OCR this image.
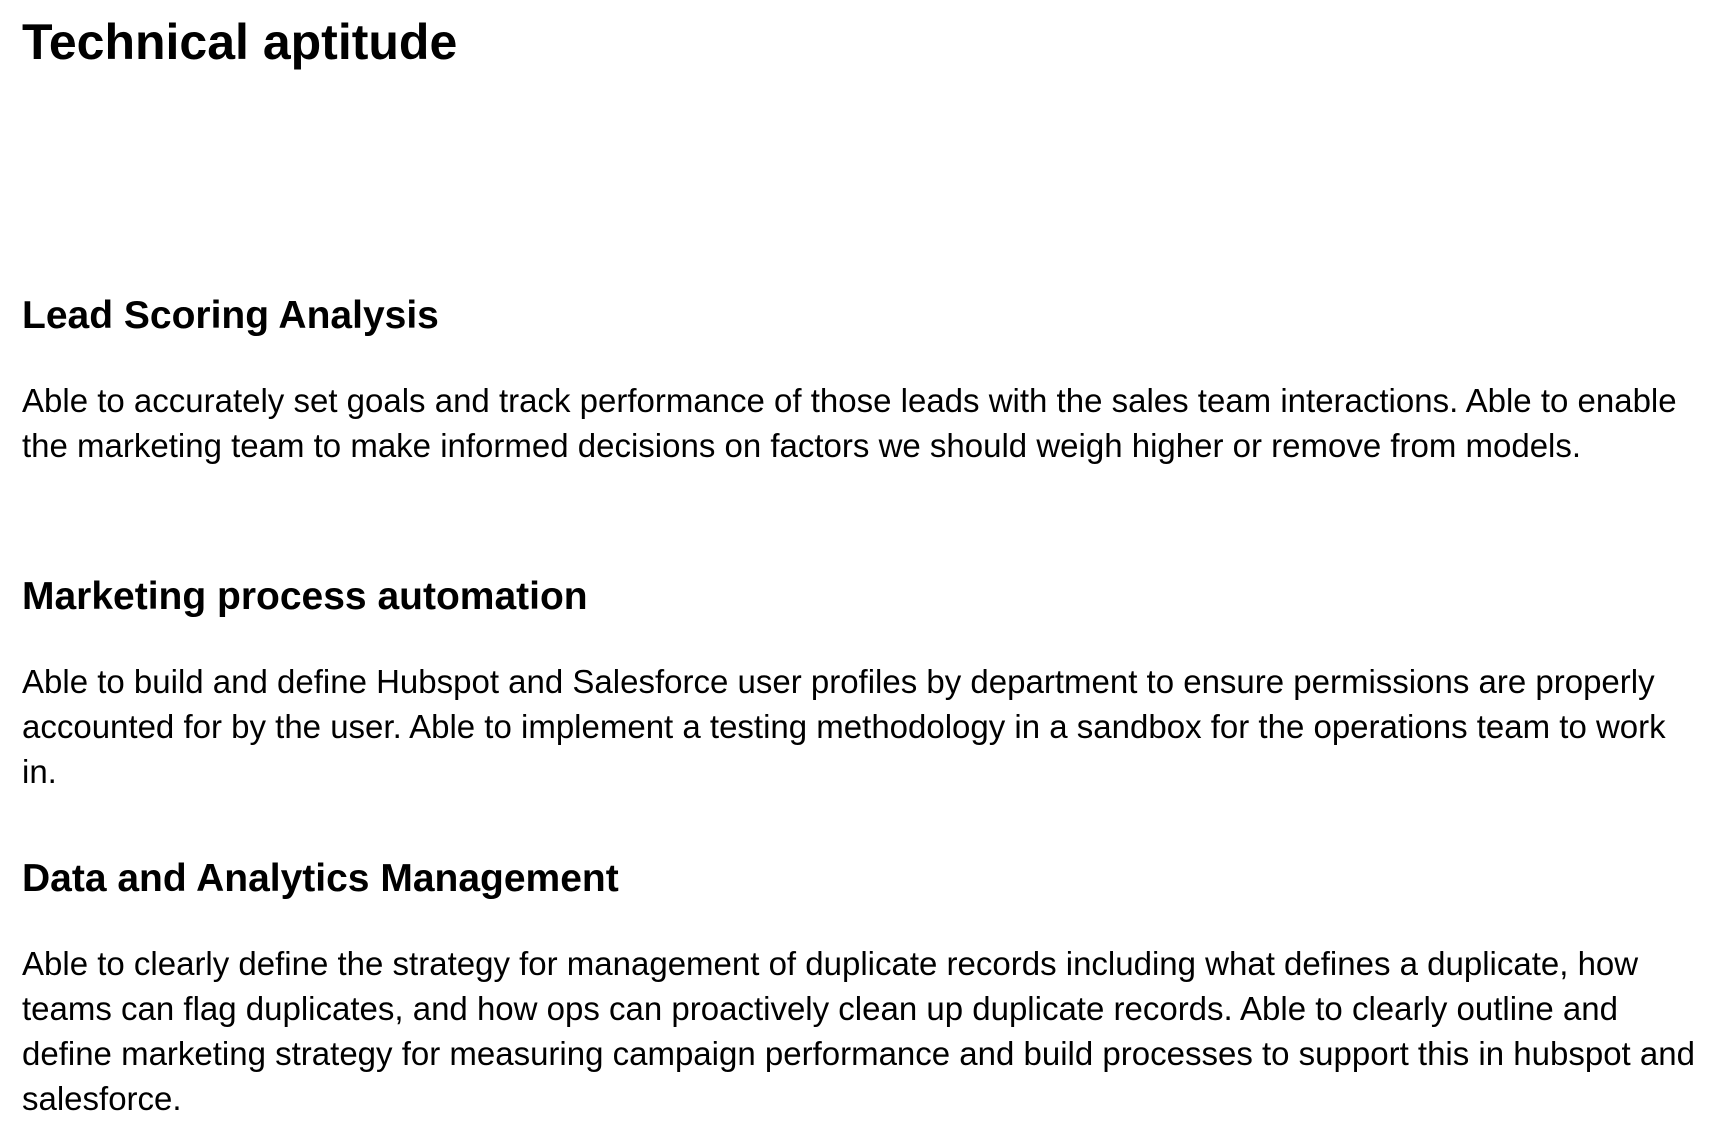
Technical aptitude
Lead Scoring Analysis

Able to accurately set goals and track performance of those leads with the sales team interactions. Able to enable the marketing team to make informed decisions on factors we should weigh higher or remove from models.

Marketing process automation

Able to build and define Hubspot and Salesforce user profiles by department to ensure permissions are properly accounted for by the user. Able to implement a testing methodology in a sandbox for the operations team to work in.

Data and Analytics Management

Able to clearly define the strategy for management of duplicate records including what defines a duplicate, how teams can flag duplicates, and how ops can proactively clean up duplicate records. Able to clearly outline and define marketing strategy for measuring campaign performance and build processes to support this in hubspot and salesforce.
